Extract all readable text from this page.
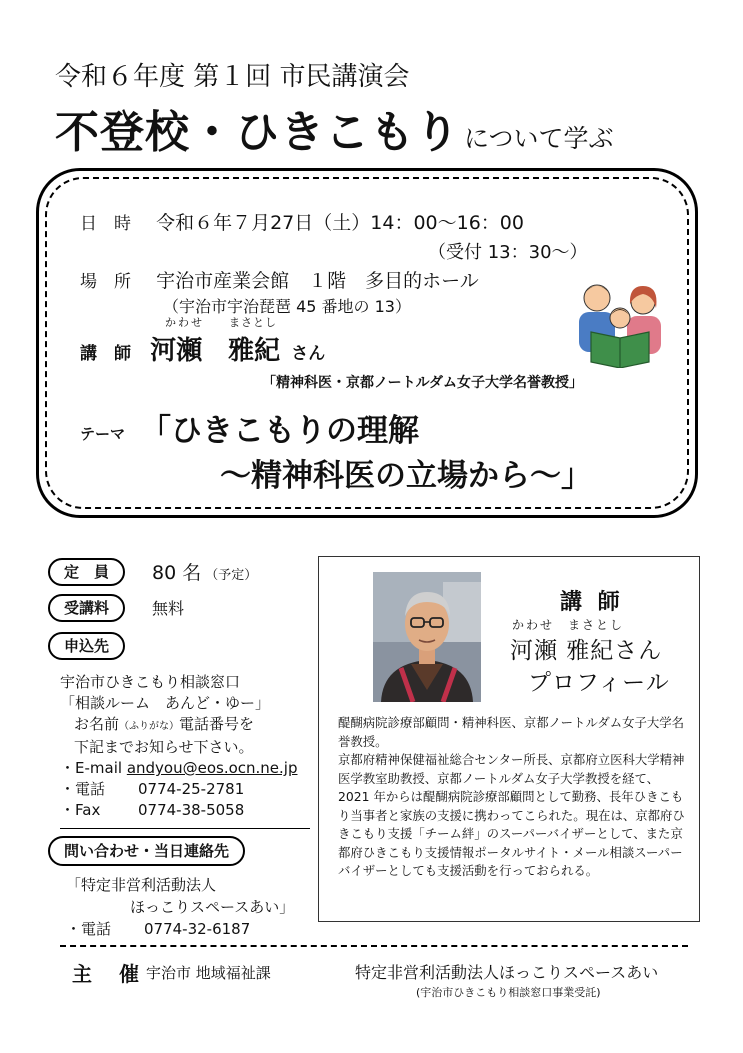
令和６年度 第１回 市民講演会
不登校・ひきこもり について学ぶ
日　時 令和６年７月27日（土）14：00〜16：00
（受付 13：30〜）
場　所 宇治市産業会館　１階　多目的ホール
（宇治市宇治琵琶 45 番地の 13）
かわせ まさとし
講　師 河瀬　雅紀 さん
「精神科医・京都ノートルダム女子大学名誉教授」
テーマ 「ひきこもりの理解
〜精神科医の立場から〜」
定　員	80 名 （予定）
受講料	無料
申込先
宇治市ひきこもり相談窓口
「相談ルーム　あんど・ゆー」
お名前（ふりがな）電話番号を
下記までお知らせ下さい。
・E-mail andyou@eos.ocn.ne.jp
・電話 0774-25-2781
・Fax	0774-38-5058
問い合わせ・当日連絡先
「特定非営利活動法人
ほっこりスペースあい」
・電話 0774-32-6187
講 師
かわせ　まさとし
河瀬 雅紀さん
プロフィール

醍醐病院診療部顧問・精神科医、京都ノートルダム女子大学名誉教授。

京都府精神保健福祉総合センター所長、京都府立医科大学精神医学教室助教授、京都ノートルダム女子大学教授を経て、2021 年からは醍醐病院診療部顧問として勤務、長年ひきこもり当事者と家族の支援に携わってこられた。現在は、京都府ひきこもり支援「チーム絆」のスーパーバイザーとして、また京都府ひきこもり支援情報ポータルサイト・メール相談スーパーバイザーとしても支援活動を行っておられる。

主 催
宇治市 地域福祉課	特定非営利活動法人ほっこりスペースあい
(宇治市ひきこもり相談窓口事業受託)
